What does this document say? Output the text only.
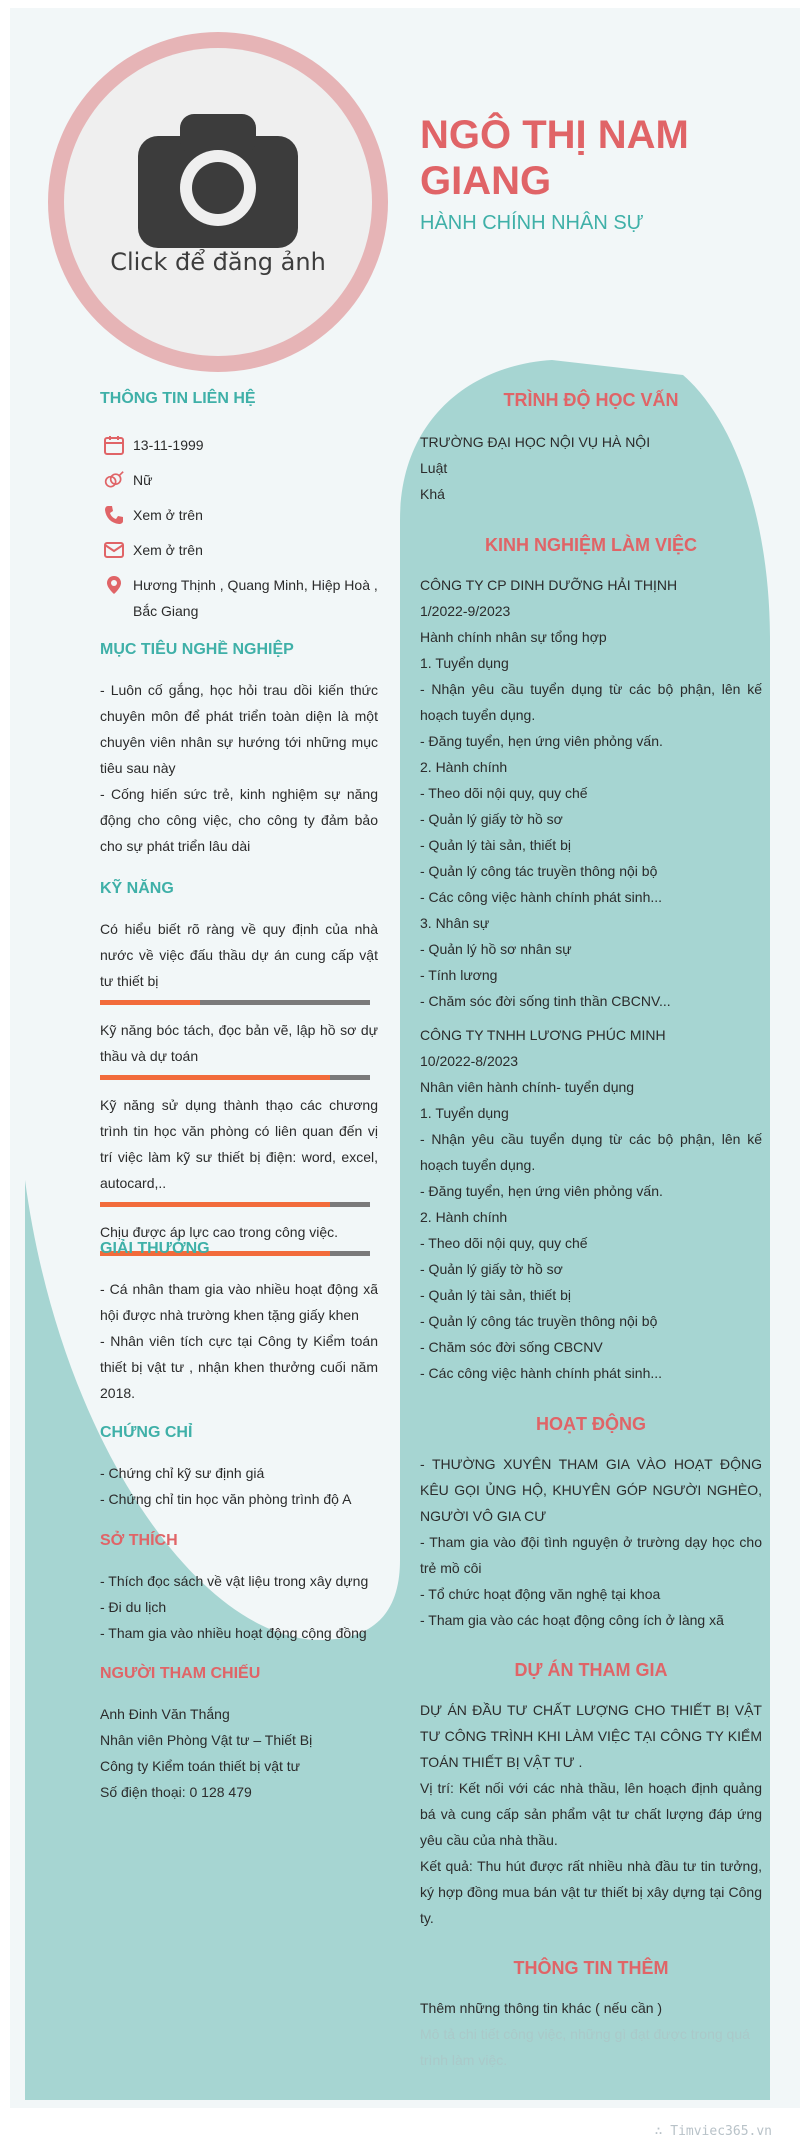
Click để đăng ảnh
NGÔ THỊ NAM GIANG
HÀNH CHÍNH NHÂN SỰ
THÔNG TIN LIÊN HỆ
13-11-1999
Nữ
Xem ở trên
Xem ở trên
Hương Thịnh , Quang Minh, Hiệp Hoà , Bắc Giang
MỤC TIÊU NGHỀ NGHIỆP
- Luôn cố gắng, học hỏi trau dồi kiến thức chuyên môn để phát triển toàn diện là một chuyên viên nhân sự hướng tới những mục tiêu sau này
- Cống hiến sức trẻ, kinh nghiệm sự năng động cho công việc, cho công ty đảm bảo cho sự phát triển lâu dài
KỸ NĂNG
Có hiểu biết rõ ràng về quy định của nhà nước về việc đấu thầu dự án cung cấp vật tư thiết bị
Kỹ năng bóc tách, đọc bản vẽ, lập hồ sơ dự thầu và dự toán
Kỹ năng sử dụng thành thạo các chương trình tin học văn phòng có liên quan đến vị trí việc làm kỹ sư thiết bị điện: word, excel, autocard,..
Chịu được áp lực cao trong công việc.
GIẢI THƯỞNG
- Cá nhân tham gia vào nhiều hoạt động xã hội được nhà trường khen tặng giấy khen
- Nhân viên tích cực tại Công ty Kiểm toán thiết bị vật tư , nhận khen thưởng cuối năm 2018.
CHỨNG CHỈ
- Chứng chỉ kỹ sư định giá
- Chứng chỉ tin học văn phòng trình độ A
SỞ THÍCH
- Thích đọc sách về vật liệu trong xây dựng
- Đi du lịch
- Tham gia vào nhiều hoạt động cộng đồng
NGƯỜI THAM CHIẾU
Anh Đinh Văn Thắng
Nhân viên Phòng Vật tư – Thiết Bị
Công ty Kiểm toán thiết bị vật tư
Số điện thoại: 0 128 479
TRÌNH ĐỘ HỌC VẤN
TRƯỜNG ĐẠI HỌC NỘI VỤ HÀ NỘI
Luật
Khá
KINH NGHIỆM LÀM VIỆC
CÔNG TY CP DINH DƯỠNG HẢI THỊNH
1/2022-9/2023
Hành chính nhân sự tổng hợp
1. Tuyển dụng
- Nhận yêu cầu tuyển dụng từ các bộ phận, lên kế hoạch tuyển dụng.
- Đăng tuyển, hẹn ứng viên phỏng vấn.
2. Hành chính
- Theo dõi nội quy, quy chế
- Quản lý giấy tờ hồ sơ
- Quản lý tài sản, thiết bị
- Quản lý công tác truyền thông nội bộ
- Các công việc hành chính phát sinh...
3. Nhân sự
- Quản lý hồ sơ nhân sự
- Tính lương
- Chăm sóc đời sống tinh thần CBCNV...
CÔNG TY TNHH LƯƠNG PHÚC MINH
10/2022-8/2023
Nhân viên hành chính- tuyển dụng
1. Tuyển dụng
- Nhận yêu cầu tuyển dụng từ các bộ phận, lên kế hoạch tuyển dụng.
- Đăng tuyển, hẹn ứng viên phỏng vấn.
2. Hành chính
- Theo dõi nội quy, quy chế
- Quản lý giấy tờ hồ sơ
- Quản lý tài sản, thiết bị
- Quản lý công tác truyền thông nội bộ
- Chăm sóc đời sống CBCNV
- Các công việc hành chính phát sinh...
HOẠT ĐỘNG
- THƯỜNG XUYÊN THAM GIA VÀO HOẠT ĐỘNG KÊU GỌI ỦNG HỘ, KHUYÊN GÓP NGƯỜI NGHÈO, NGƯỜI VÔ GIA CƯ
- Tham gia vào đội tình nguyện ở trường dạy học cho trẻ mồ côi
- Tổ chức hoạt động văn nghệ tại khoa
- Tham gia vào các hoạt động công ích ở làng xã
DỰ ÁN THAM GIA
DỰ ÁN ĐẦU TƯ CHẤT LƯỢNG CHO THIẾT BỊ VẬT TƯ CÔNG TRÌNH KHI LÀM VIỆC TẠI CÔNG TY KIỂM TOÁN THIẾT BỊ VẬT TƯ .
Vị trí: Kết nối với các nhà thầu, lên hoạch định quảng bá và cung cấp sản phẩm vật tư chất lượng đáp ứng yêu cầu của nhà thầu.
Kết quả: Thu hút được rất nhiều nhà đầu tư tin tưởng, ký hợp đồng mua bán vật tư thiết bị xây dựng tại Công ty.
THÔNG TIN THÊM
Thêm những thông tin khác ( nếu cần )
Mô tả chi tiết công việc, những gì đạt được trong quá trình làm việc.
∴ Timviec365.vn
